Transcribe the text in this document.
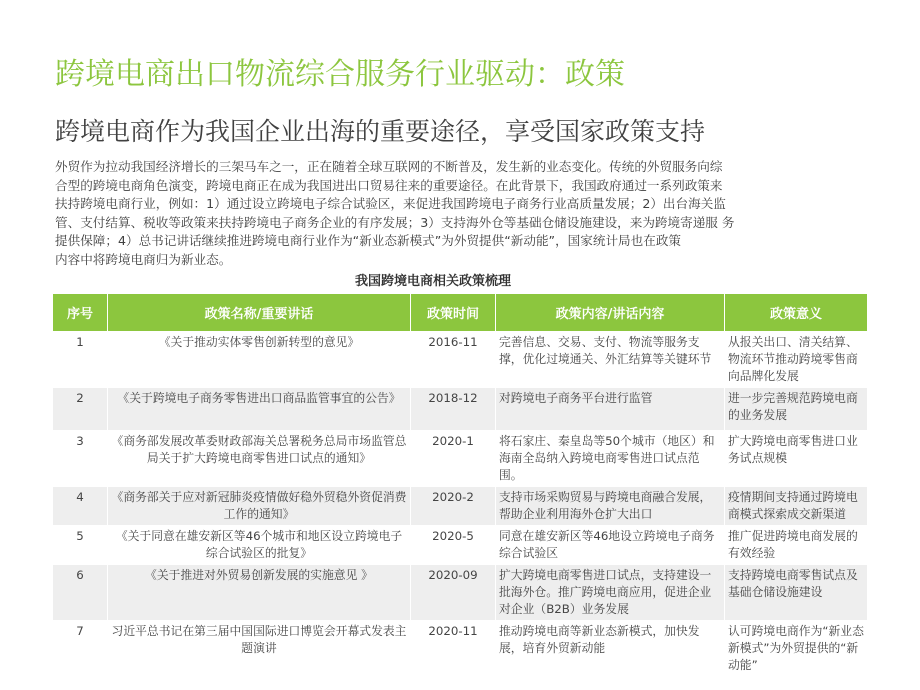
跨境电商出口物流综合服务行业驱动：政策
跨境电商作为我国企业出海的重要途径，享受国家政策支持

外贸作为拉动我国经济增长的三架马车之一，正在随着全球互联网的不断普及，发生新的业态变化。传统的外贸服务向综

合型的跨境电商角色演变，跨境电商正在成为我国进出口贸易往来的重要途径。在此背景下，我国政府通过一系列政策来

扶持跨境电商行业，例如：1）通过设立跨境电子综合试验区，来促进我国跨境电子商务行业高质量发展；2）出台海关监

管、支付结算、税收等政策来扶持跨境电子商务企业的有序发展；3）支持海外仓等基础仓储设施建设，来为跨境寄递服 务

提供保障；4）总书记讲话继续推进跨境电商行业作为“新业态新模式”为外贸提供“新动能”，国家统计局也在政策

内容中将跨境电商归为新业态。

我国跨境电商相关政策梳理
序号	政策名称/重要讲话	政策时间	政策内容/讲话内容	政策意义
1	《关于推动实体零售创新转型的意见》	2016-11	完善信息、交易、支付、物流等服务支撑，优化过境通关、外汇结算等关键环节	从报关出口、清关结算、物流环节推动跨境零售商向品牌化发展
2	《关于跨境电子商务零售进出口商品监管事宜的公告》	2018-12	对跨境电子商务平台进行监管	进一步完善规范跨境电商的业务发展
3	《商务部发展改革委财政部海关总署税务总局市场监管总局关于扩大跨境电商零售进口试点的通知》	2020-1	将石家庄、秦皇岛等50个城市（地区）和海南全岛纳入跨境电商零售进口试点范围。	扩大跨境电商零售进口业务试点规模
4	《商务部关于应对新冠肺炎疫情做好稳外贸稳外资促消费工作的通知》	2020-2	支持市场采购贸易与跨境电商融合发展，帮助企业利用海外仓扩大出口	疫情期间支持通过跨境电商模式探索成交新渠道
5	《关于同意在雄安新区等46个城市和地区设立跨境电子综合试验区的批复》	2020-5	同意在雄安新区等46地设立跨境电子商务综合试验区	推广促进跨境电商发展的有效经验
6	《关于推进对外贸易创新发展的实施意见 》	2020-09	扩大跨境电商零售进口试点，支持建设一批海外仓。推广跨境电商应用，促进企业对企业（B2B）业务发展	支持跨境电商零售试点及基础仓储设施建设
7	习近平总书记在第三届中国国际进口博览会开幕式发表主题演讲	2020-11	推动跨境电商等新业态新模式，加快发展，培育外贸新动能	认可跨境电商作为“新业态新模式”为外贸提供的“新动能”
